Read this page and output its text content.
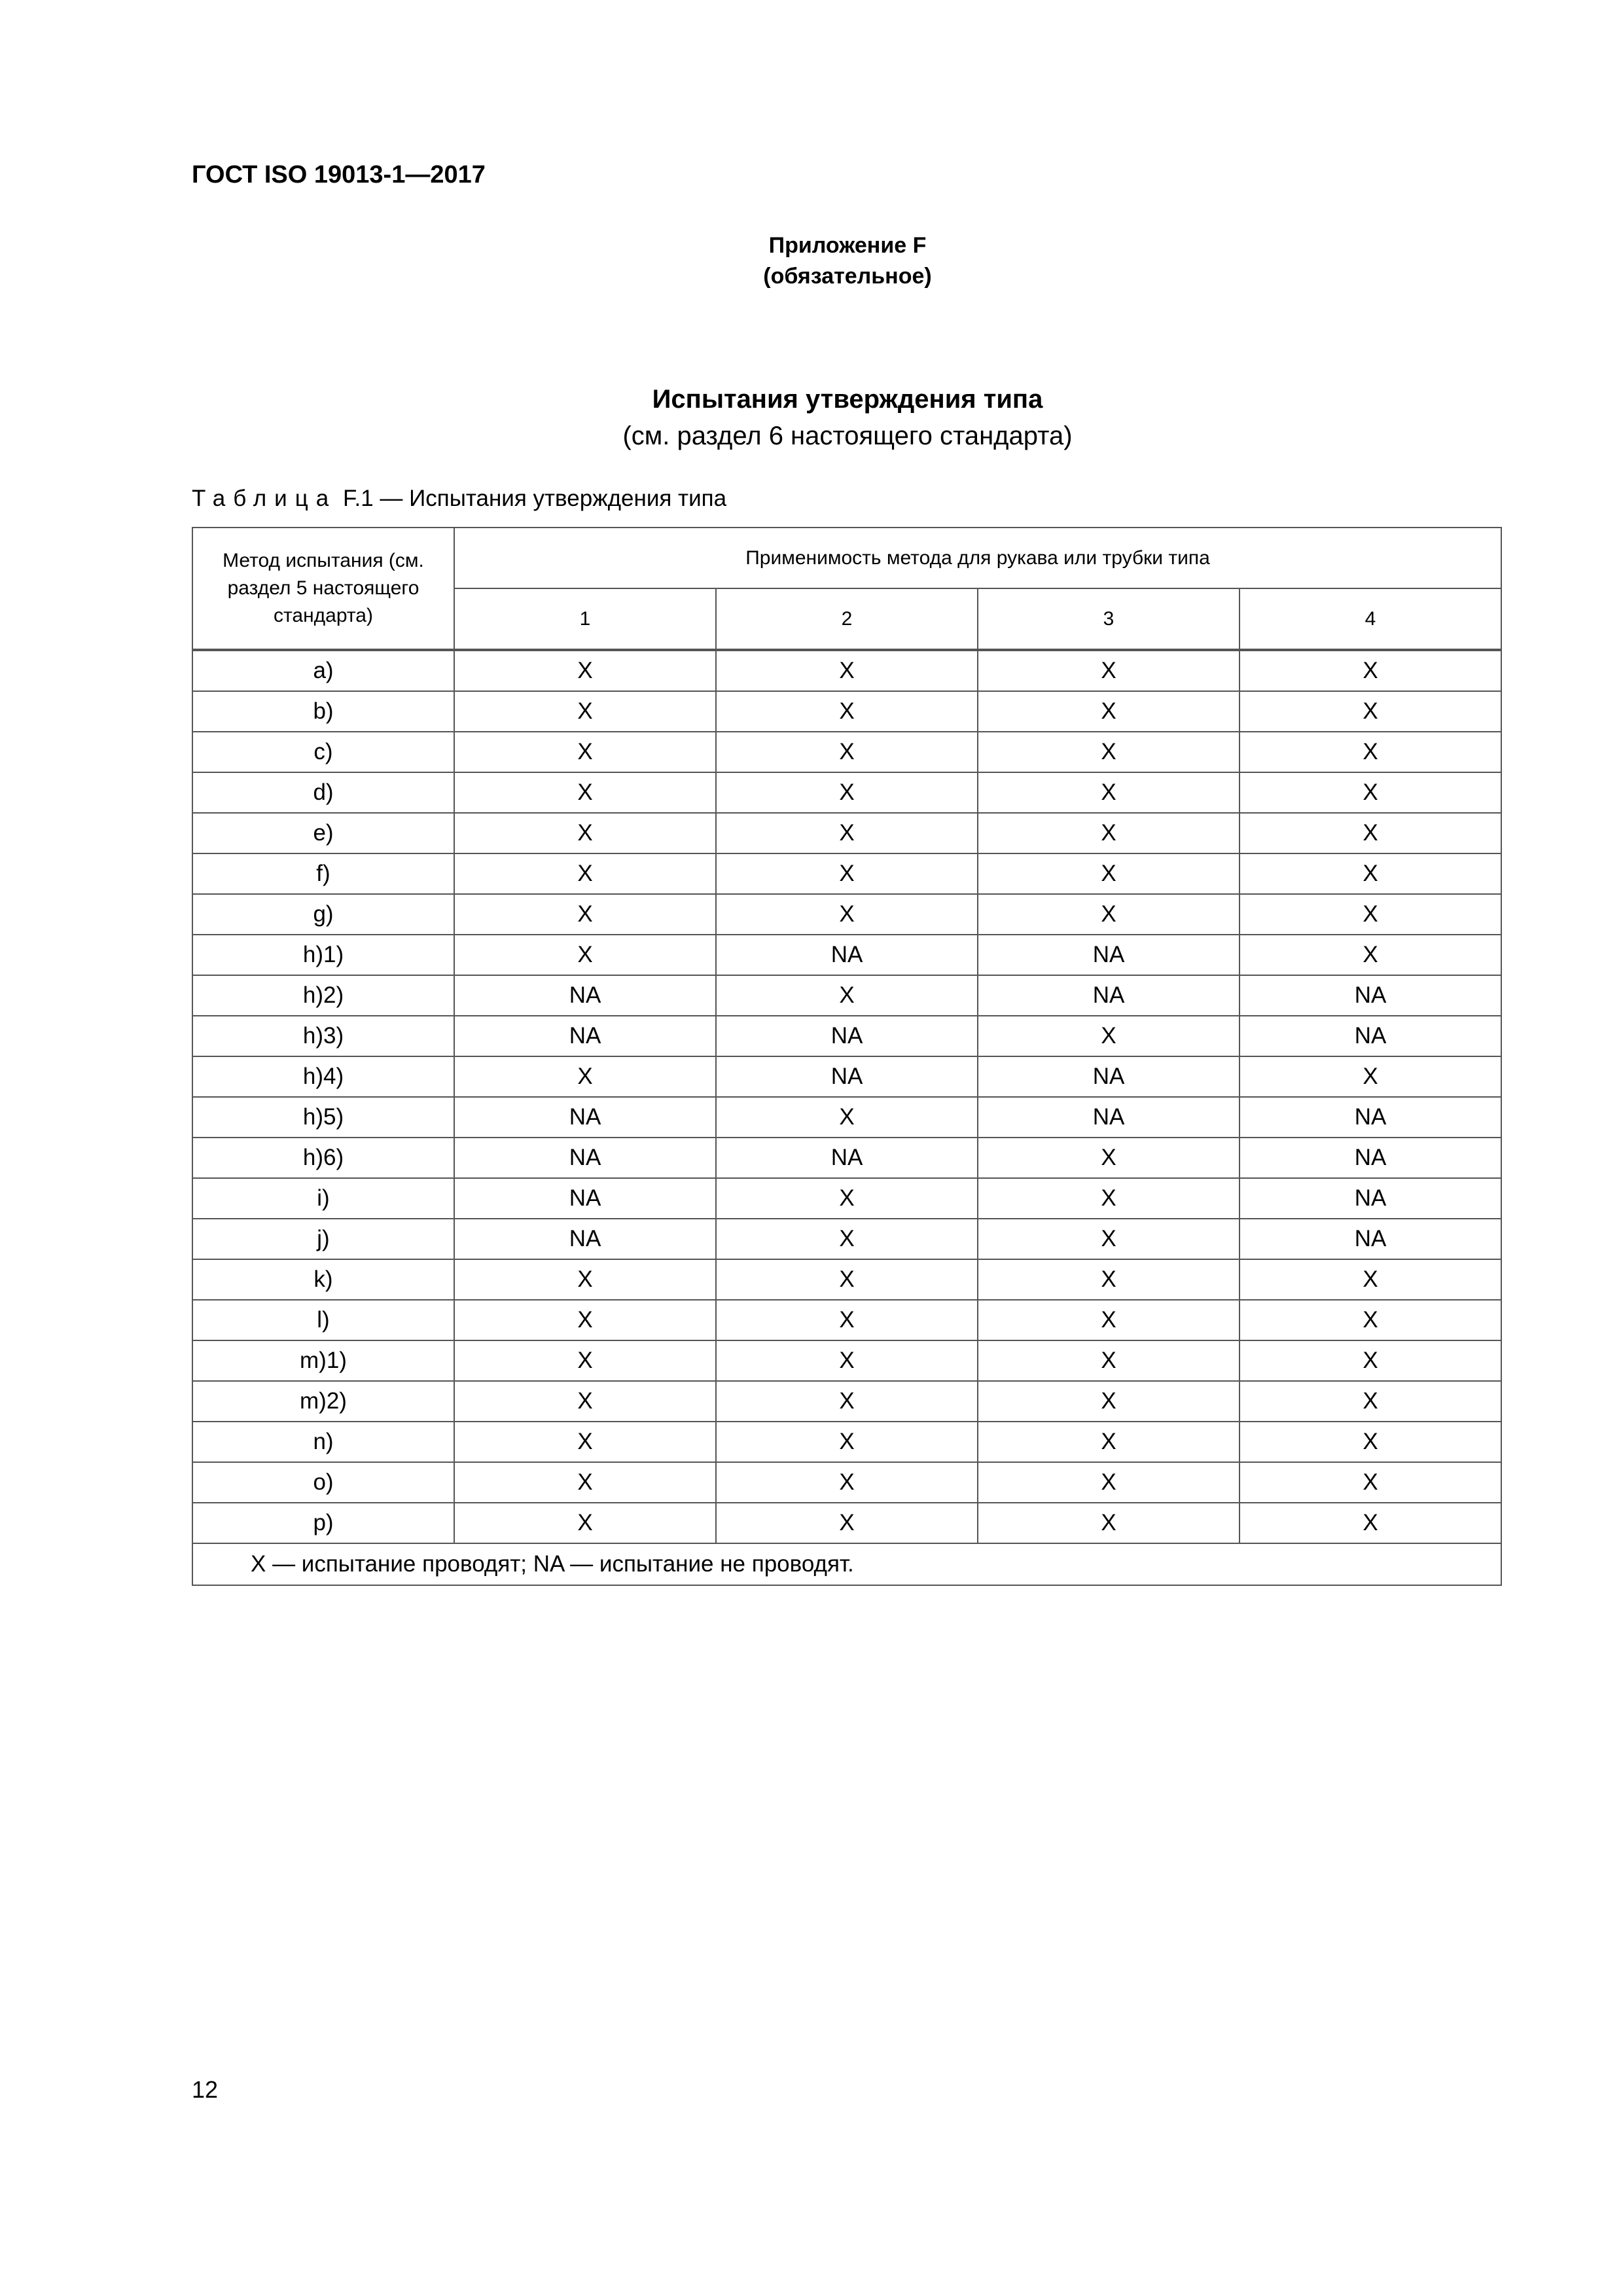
ГОСТ ISO 19013-1—2017
Приложение F
(обязательное)
Испытания утверждения типа
(см. раздел 6 настоящего стандарта)
Таблица F.1 — Испытания утверждения типа
Метод испытания (см. раздел 5 настоящего стандарта)	Применимость метода для рукава или трубки типа			
	1	2	3	4

a)	X	X	X	X
b)	X	X	X	X
c)	X	X	X	X
d)	X	X	X	X
e)	X	X	X	X
f)	X	X	X	X
g)	X	X	X	X
h)1)	X	NA	NA	X
h)2)	NA	X	NA	NA
h)3)	NA	NA	X	NA
h)4)	X	NA	NA	X
h)5)	NA	X	NA	NA
h)6)	NA	NA	X	NA
i)	NA	X	X	NA
j)	NA	X	X	NA
k)	X	X	X	X
l)	X	X	X	X
m)1)	X	X	X	X
m)2)	X	X	X	X
n)	X	X	X	X
o)	X	X	X	X
p)	X	X	X	X
X — испытание проводят; NA — испытание не проводят.				
12
